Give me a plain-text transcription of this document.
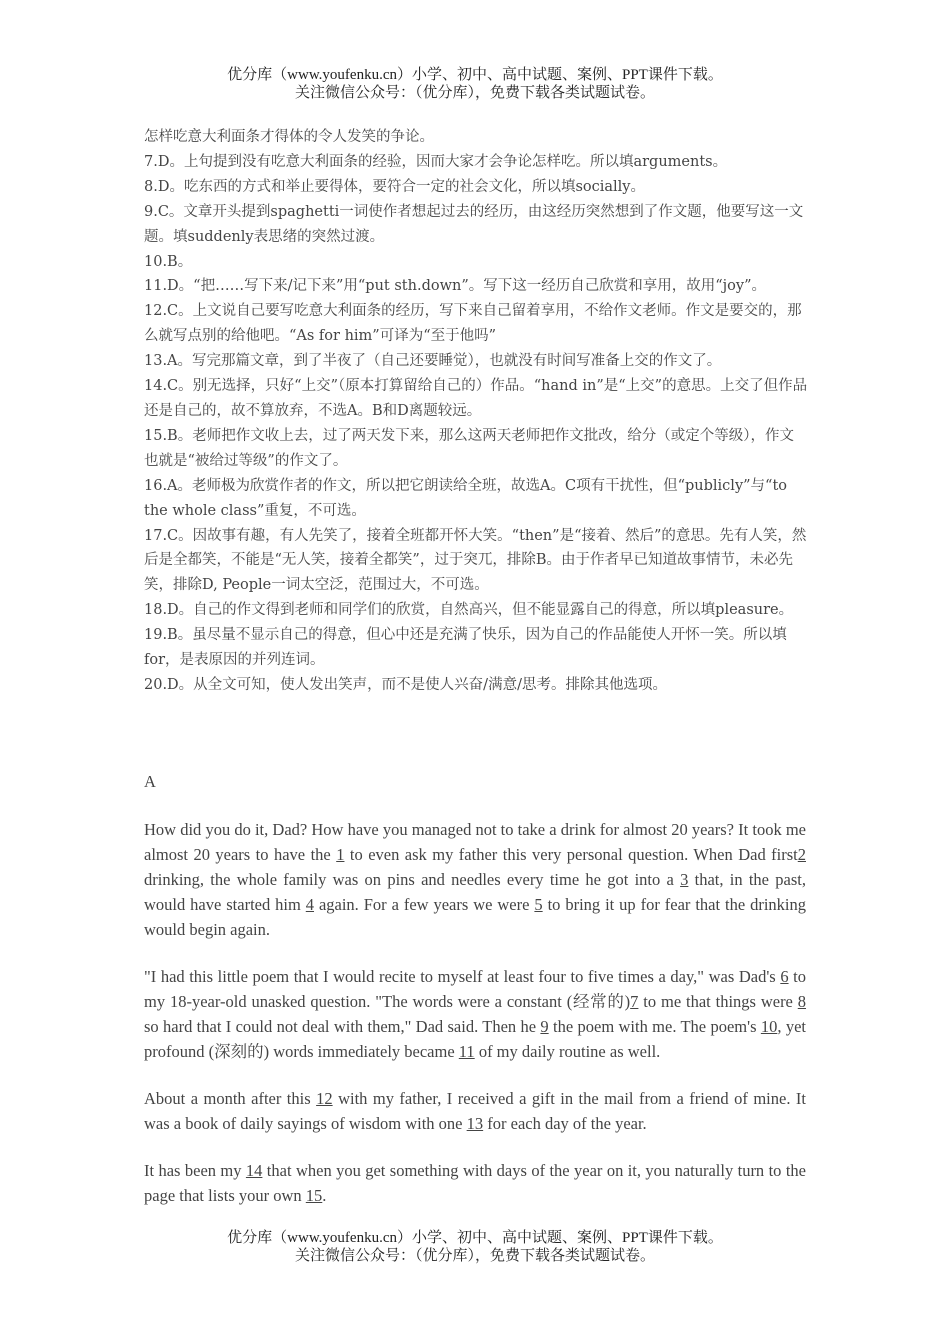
优分库（www.youfenku.cn）小学、初中、高中试题、案例、PPT课件下载。
关注微信公众号：（优分库），免费下载各类试题试卷。

怎样吃意大利面条才得体的令人发笑的争论。

7.D。上句提到没有吃意大利面条的经验，因而大家才会争论怎样吃。所以填arguments。

8.D。吃东西的方式和举止要得体，要符合一定的社会文化，所以填socially。

9.C。文章开头提到spaghetti一词使作者想起过去的经历，由这经历突然想到了作文题，他要写这一文题。填suddenly表思绪的突然过渡。

10.B。

11.D。“把……写下来/记下来”用“put sth.down”。写下这一经历自己欣赏和享用，故用“joy”。

12.C。上文说自己要写吃意大利面条的经历，写下来自己留着享用，不给作文老师。作文是要交的，那么就写点别的给他吧。“As for him”可译为“至于他吗”

13.A。写完那篇文章，到了半夜了（自己还要睡觉），也就没有时间写准备上交的作文了。

14.C。别无选择，只好“上交”（原本打算留给自己的）作品。“hand in”是“上交”的意思。上交了但作品还是自己的，故不算放弃，不选A。B和D离题较远。

15.B。老师把作文收上去，过了两天发下来，那么这两天老师把作文批改，给分（或定个等级），作文也就是“被给过等级”的作文了。

16.A。老师极为欣赏作者的作文，所以把它朗读给全班，故选A。C项有干扰性，但“publicly”与“to the whole class”重复，不可选。

17.C。因故事有趣，有人先笑了，接着全班都开怀大笑。“then”是“接着、然后”的意思。先有人笑，然后是全都笑，不能是“无人笑，接着全都笑”，过于突兀，排除B。由于作者早已知道故事情节，未必先笑，排除D, People一词太空泛，范围过大，不可选。

18.D。自己的作文得到老师和同学们的欣赏，自然高兴，但不能显露自己的得意，所以填pleasure。

19.B。虽尽量不显示自己的得意，但心中还是充满了快乐，因为自己的作品能使人开怀一笑。所以填for，是表原因的并列连词。

20.D。从全文可知，使人发出笑声，而不是使人兴奋/满意/思考。排除其他选项。

A

How did you do it, Dad? How have you managed not to take a drink for almost 20 years? It took me almost 20 years to have the 1 to even ask my father this very personal question. When Dad first2 drinking, the whole family was on pins and needles every time he got into a 3 that, in the past, would have started him 4 again. For a few years we were 5 to bring it up for fear that the drinking would begin again.

"I had this little poem that I would recite to myself at least four to five times a day," was Dad's 6 to my 18-year-old unasked question. "The words were a constant (经常的)7 to me that things were 8 so hard that I could not deal with them," Dad said. Then he 9 the poem with me. The poem's 10, yet profound (深刻的) words immediately became 11 of my daily routine as well.

About a month after this 12 with my father, I received a gift in the mail from a friend of mine. It was a book of daily sayings of wisdom with one 13 for each day of the year.

It has been my 14 that when you get something with days of the year on it, you naturally turn to the page that lists your own 15.

优分库（www.youfenku.cn）小学、初中、高中试题、案例、PPT课件下载。
关注微信公众号：（优分库），免费下载各类试题试卷。
